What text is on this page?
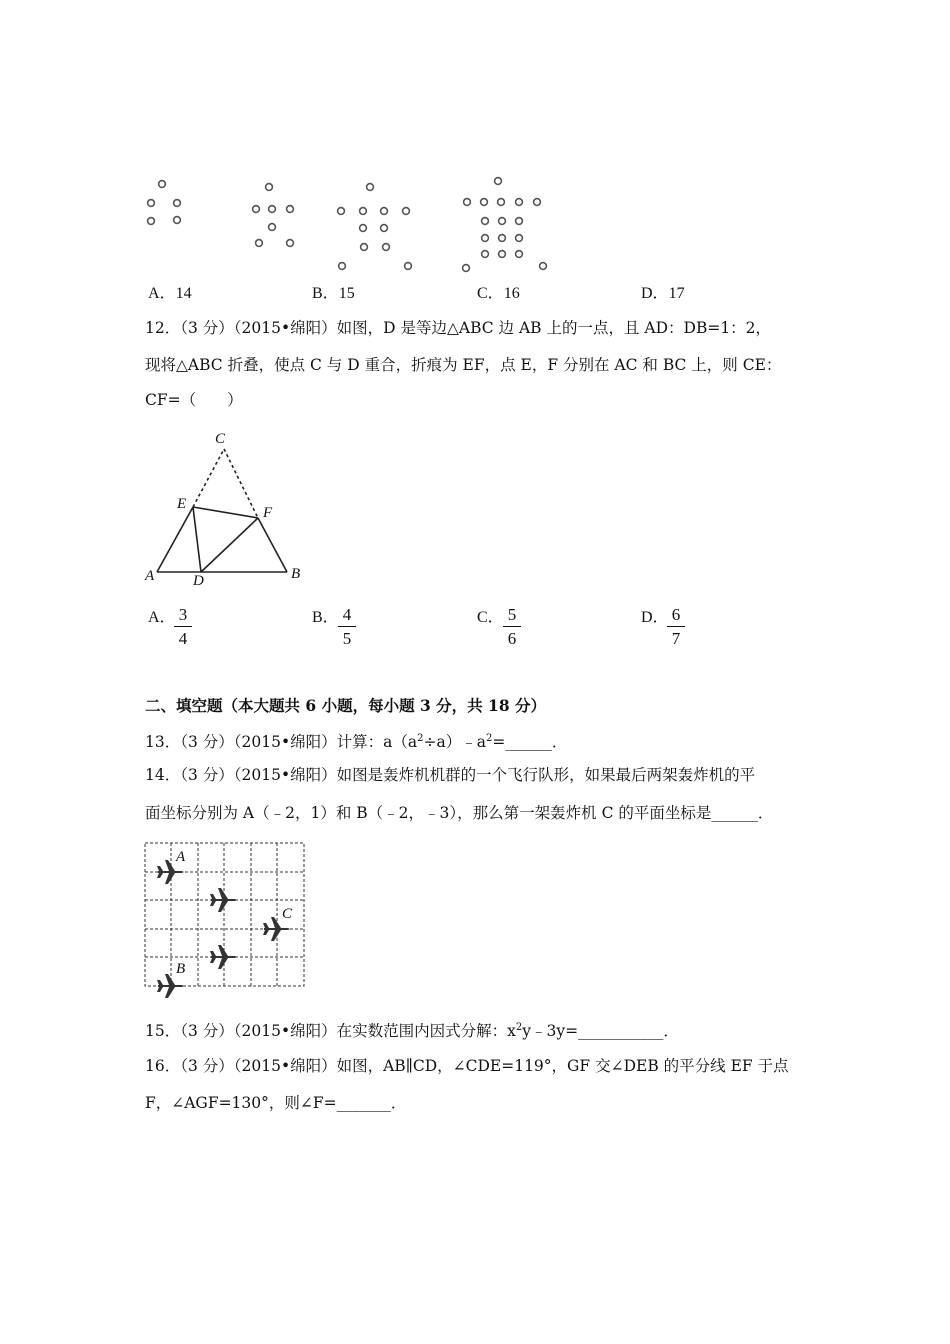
A．14	B．15	C．16	D．17
12．（3 分）（2015•绵阳）如图，D 是等边△ABC 边 AB 上的一点，且 AD：DB=1：2，
现将△ABC 折叠，使点 C 与 D 重合，折痕为 EF，点 E，F 分别在 AC 和 BC 上，则 CE：
CF=（　　）
C
E
F
A	D	B
A． 3
4
B． 4
5
C． 5
6
D． 6
7
二、填空题（本大题共 6 小题，每小题 3 分，共 18 分）
13．（3 分）（2015•绵阳）计算：$a(a^2\div a)﹣a^2=\_\_\_\_\_\_$．
14．（3 分）（2015•绵阳）如图是轰炸机机群的一个飞行队形，如果最后两架轰炸机的平
面坐标分别为 A（﹣2，1）和 B（﹣2，﹣3），那么第一架轰炸机 C 的平面坐标是______．
A
C
B
15．（3 分）（2015•绵阳）在实数范围内因式分解：$x^2y﹣3y=\_\_\_\_\_\_\_\_\_\_\_$．
16．（3 分）（2015•绵阳）如图，AB∥CD，∠CDE=119°，GF 交∠DEB 的平分线 EF 于点
F，∠AGF=130°，则∠F=_______．
